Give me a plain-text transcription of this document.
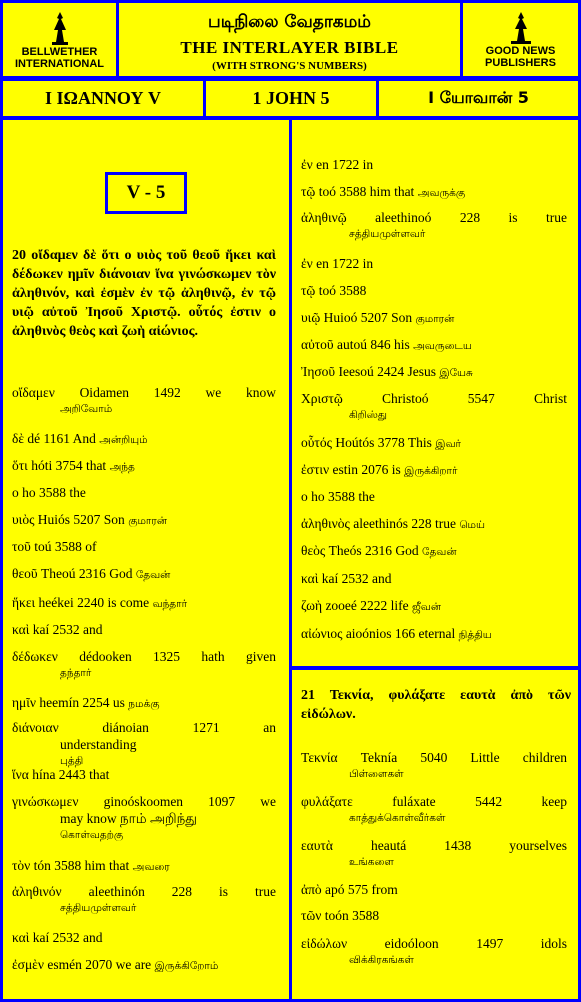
BELLWETHER
INTERNATIONAL
படிநிலை வேதாகமம்
THE INTERLAYER BIBLE
(WITH STRONG'S NUMBERS)
GOOD NEWS
PUBLISHERS
I ΙΩΑΝΝΟΥ V	1 JOHN 5	I யோவான் 5
V - 5
20 οἴδαμεν δὲ ὅτι ο υιὸς τοῦ θεοῦ ἥκει καὶ δέδωκεν ημῖν διάνοιαν ἵνα γινώσκωμεν τὸν ἀληθινόν, καὶ ἐσμὲν ἐν τῷ ἀληθινῷ, ἐν τῷ υιῷ αὐτοῦ Ἰησοῦ Χριστῷ. οὗτός ἐστιν ο ἀληθινὸς θεὸς καὶ ζωὴ αἰώνιος.
21 Τεκνία, φυλάξατε εαυτὰ ἀπὸ τῶν εἰδώλων.
οἴδαμεν Oidamen 1492 we know
அறிவோம்
δὲ dé 1161 And அன்றியும்
ὅτι hóti 3754 that அந்த
ο ho 3588 the
υιὸς Huiós 5207 Son குமாரன்
τοῦ toú 3588 of
θεοῦ Theoú 2316 God தேவன்
ἥκει heékei 2240 is come வந்தார்
καὶ kaí 2532 and
δέδωκεν dédooken 1325 hath given
தந்தார்
ημῖν heemín 2254 us நமக்கு
διάνοιαν	diánoian 1271 an
understanding
புத்தி
ἵνα hína 2443 that
γινώσκωμεν ginoóskoomen 1097 we
may know நாம் அறிந்து
கொள்வதற்கு
τὸν tón 3588 him that அவரை
ἀληθινόν aleethinón 228 is true
சத்தியமுள்ளவர்
καὶ kaí 2532 and
ἐσμὲν esmén 2070 we are இருக்கிறோம்
ἐν en 1722 in
τῷ toó 3588 him that அவருக்கு
ἀληθινῷ aleethinoó 228 is true
சத்தியமுள்ளவர்
ἐν en 1722 in
τῷ toó 3588
υιῷ Huioó 5207 Son குமாரன்
αὐτοῦ autoú 846 his அவருடைய
Ἰησοῦ Ieesoú 2424 Jesus இயேசு
Χριστῷ	Christoó 5547 Christ
கிறிஸ்து
οὗτός Hoútós 3778 This இவர்
ἐστιν estin 2076 is இருக்கிறார்
ο ho 3588 the
ἀληθινὸς aleethinós 228 true மெய்
θεὸς Theós 2316 God தேவன்
καὶ kaí 2532 and
ζωὴ zooeé 2222 life ஜீவன்
αἰώνιος aioónios 166 eternal நித்திய
Τεκνία Teknía 5040 Little children
பிள்ளைகள்
φυλάξατε	fuláxate 5442 keep
காத்துக்கொள்வீர்கள்
εαυτὰ	heautá 1438 yourselves
உங்களை
ἀπὸ apó 575 from
τῶν toón 3588
εἰδώλων	eidoóloon 1497 idols
விக்கிரகங்கள்
